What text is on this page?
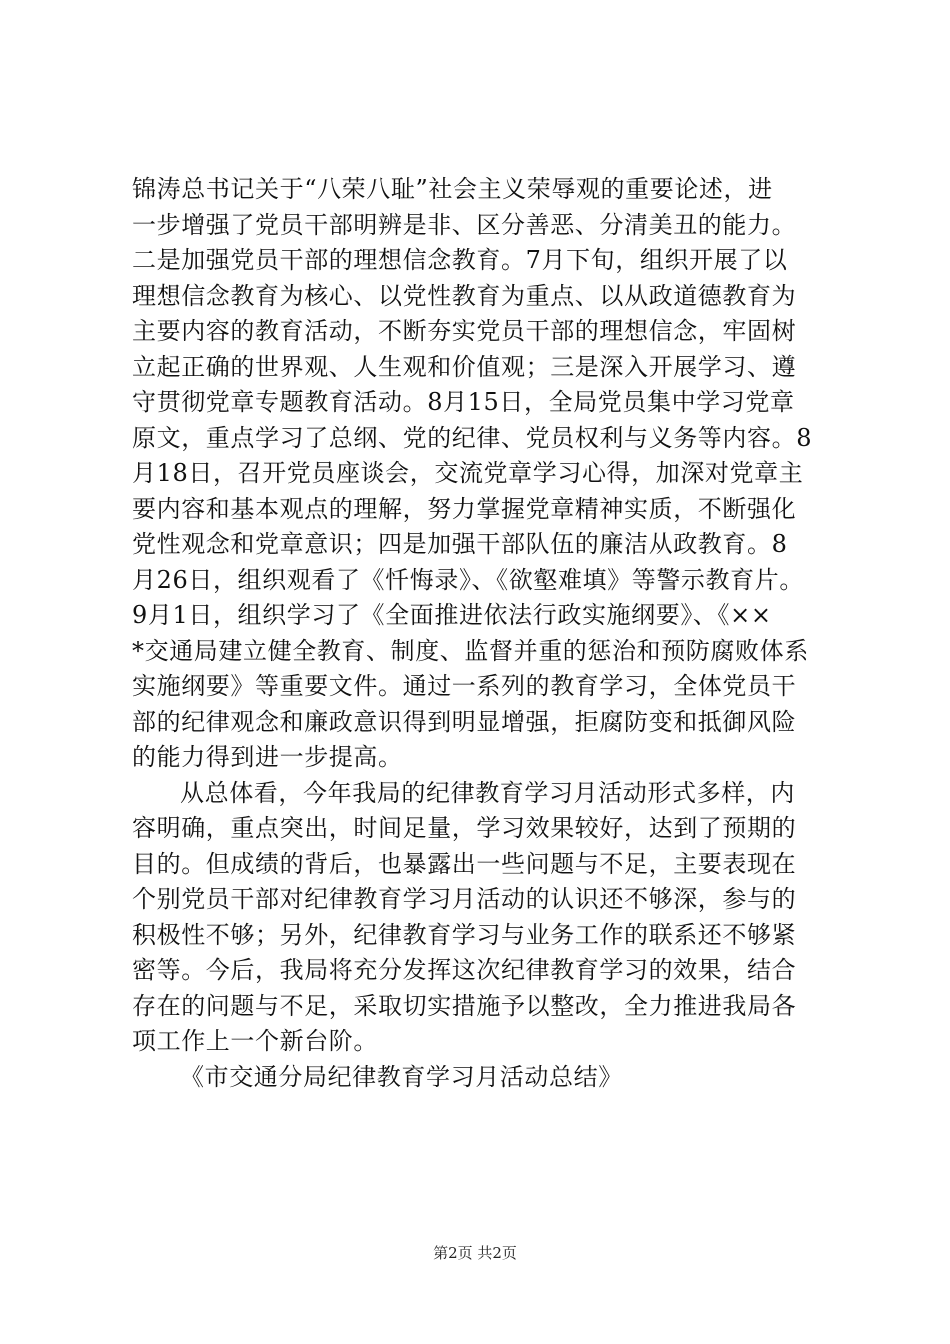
锦涛总书记关于“八荣八耻”社会主义荣辱观的重要论述，进
一步增强了党员干部明辨是非、区分善恶、分清美丑的能力。
二是加强党员干部的理想信念教育。7月下旬，组织开展了以
理想信念教育为核心、以党性教育为重点、以从政道德教育为
主要内容的教育活动，不断夯实党员干部的理想信念，牢固树
立起正确的世界观、人生观和价值观；三是深入开展学习、遵
守贯彻党章专题教育活动。8月15日，全局党员集中学习党章
原文，重点学习了总纲、党的纪律、党员权利与义务等内容。8
月18日，召开党员座谈会，交流党章学习心得，加深对党章主
要内容和基本观点的理解，努力掌握党章精神实质，不断强化
党性观念和党章意识；四是加强干部队伍的廉洁从政教育。8
月26日，组织观看了《忏悔录》、《欲壑难填》等警示教育片。
9月1日，组织学习了《全面推进依法行政实施纲要》、《××
*交通局建立健全教育、制度、监督并重的惩治和预防腐败体系
实施纲要》等重要文件。通过一系列的教育学习，全体党员干
部的纪律观念和廉政意识得到明显增强，拒腐防变和抵御风险
的能力得到进一步提高。
从总体看，今年我局的纪律教育学习月活动形式多样，内
容明确，重点突出，时间足量，学习效果较好，达到了预期的
目的。但成绩的背后，也暴露出一些问题与不足，主要表现在
个别党员干部对纪律教育学习月活动的认识还不够深，参与的
积极性不够；另外，纪律教育学习与业务工作的联系还不够紧
密等。今后，我局将充分发挥这次纪律教育学习的效果，结合
存在的问题与不足，采取切实措施予以整改，全力推进我局各
项工作上一个新台阶。
《市交通分局纪律教育学习月活动总结》
第2页 共2页
